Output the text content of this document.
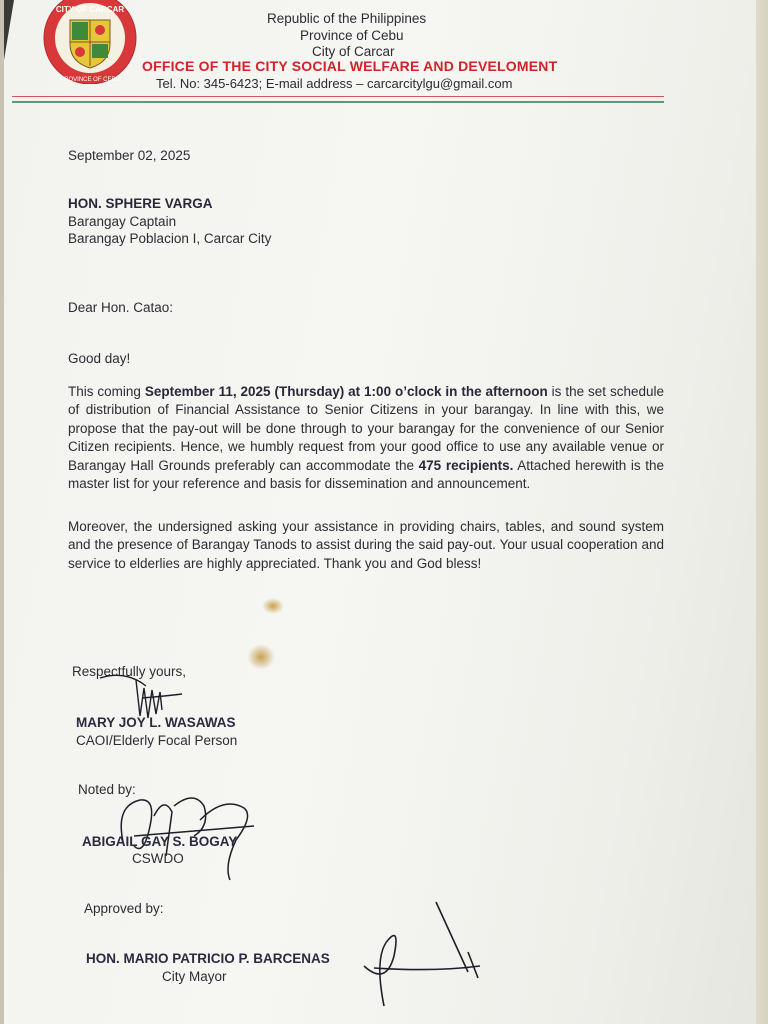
CITY OF CARCAR
PROVINCE OF CEBU
Republic of the Philippines
Province of Cebu
City of Carcar
OFFICE OF THE CITY SOCIAL WELFARE AND DEVELOMENT
Tel. No: 345-6423; E-mail address – carcarcitylgu@gmail.com
September 02, 2025
HON. SPHERE VARGA
Barangay Captain
Barangay Poblacion I, Carcar City
Dear Hon. Catao:
Good day!

This coming September 11, 2025 (Thursday) at 1:00 o’clock in the afternoon is the set schedule of distribution of Financial Assistance to Senior Citizens in your barangay. In line with this, we propose that the pay-out will be done through to your barangay for the convenience of our Senior Citizen recipients. Hence, we humbly request from your good office to use any available venue or Barangay Hall Grounds preferably can accommodate the 475 recipients. Attached herewith is the master list for your reference and basis for dissemination and announcement.

Moreover, the undersigned asking your assistance in providing chairs, tables, and sound system and the presence of Barangay Tanods to assist during the said pay-out. Your usual cooperation and service to elderlies are highly appreciated. Thank you and God bless!

Respectfully yours,
MARY JOY L. WASAWAS
CAOI/Elderly Focal Person
Noted by:
ABIGAIL GAY S. BOGAY
CSWDO
Approved by:
HON. MARIO PATRICIO P. BARCENAS
City Mayor
